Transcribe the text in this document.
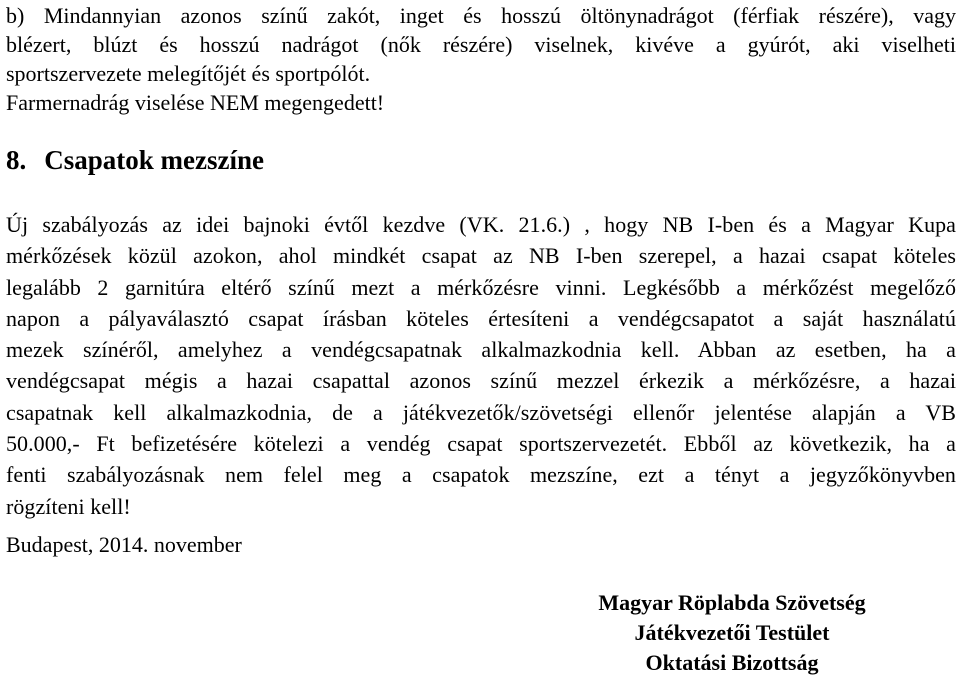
b) Mindannyian azonos színű zakót, inget és hosszú öltönynadrágot (férfiak részére), vagy
blézert, blúzt és hosszú nadrágot (nők részére) viselnek, kivéve a gyúrót, aki viselheti
sportszervezete melegítőjét és sportpólót.
Farmernadrág viselése NEM megengedett!
8. Csapatok mezszíne
Új szabályozás az idei bajnoki évtől kezdve (VK. 21.6.) , hogy NB I-ben és a Magyar Kupa
mérkőzések közül azokon, ahol mindkét csapat az NB I-ben szerepel, a hazai csapat köteles
legalább 2 garnitúra eltérő színű mezt a mérkőzésre vinni. Legkésőbb a mérkőzést megelőző
napon a pályaválasztó csapat írásban köteles értesíteni a vendégcsapatot a saját használatú
mezek színéről, amelyhez a vendégcsapatnak alkalmazkodnia kell. Abban az esetben, ha a
vendégcsapat mégis a hazai csapattal azonos színű mezzel érkezik a mérkőzésre, a hazai
csapatnak kell alkalmazkodnia, de a játékvezetők/szövetségi ellenőr jelentése alapján a VB
50.000,- Ft befizetésére kötelezi a vendég csapat sportszervezetét. Ebből az következik, ha a
fenti szabályozásnak nem felel meg a csapatok mezszíne, ezt a tényt a jegyzőkönyvben
rögzíteni kell!
Budapest, 2014. november
Magyar Röplabda Szövetség
Játékvezetői Testület
Oktatási Bizottság
